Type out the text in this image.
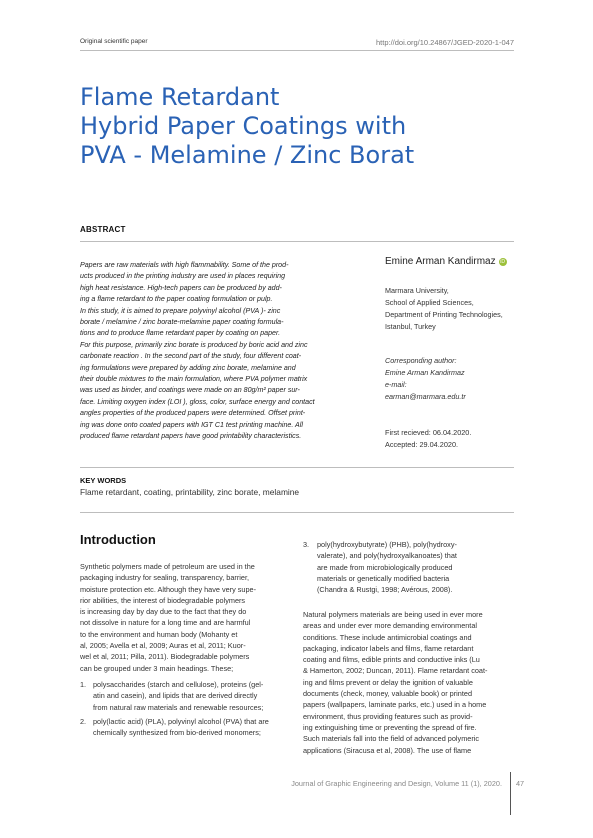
Original scientific paper	http://doi.org/10.24867/JGED-2020-1-047
Flame Retardant
Hybrid Paper Coatings with
PVA - Melamine / Zinc Borat
ABSTRACT
Papers are raw materials with high flammability. Some of the prod-
ucts produced in the printing industry are used in places requiring
high heat resistance. High-tech papers can be produced by add-
ing a flame retardant to the paper coating formulation or pulp.
In this study, it is aimed to prepare polyvinyl alcohol (PVA )- zinc
borate / melamine / zinc borate-melamine paper coating formula-
tions and to produce flame retardant paper by coating on paper.
For this purpose, primarily zinc borate is produced by boric acid and zinc
carbonate reaction . In the second part of the study, four different coat-
ing formulations were prepared by adding zinc borate, melamine and
their double mixtures to the main formulation, where PVA polymer matrix
was used as binder, and coatings were made on an 80g/m² paper sur-
face. Limiting oxygen index (LOI ), gloss, color, surface energy and contact
angles properties of the produced papers were determined. Offset print-
ing was done onto coated papers with IGT C1 test printing machine. All
produced flame retardant papers have good printability characteristics.
Emine Arman Kandirmaz iD
Marmara University,
School of Applied Sciences,
Department of Printing Technologies,
Istanbul, Turkey
Corresponding author:
Emine Arman Kandirmaz
e-mail:
earman@marmara.edu.tr
First recieved: 06.04.2020.
Accepted: 29.04.2020.
KEY WORDS
Flame retardant, coating, printability, zinc borate, melamine
Introduction
Synthetic polymers made of petroleum are used in the
packaging industry for sealing, transparency, barrier,
moisture protection etc. Although they have very supe-
rior abilities, the interest of biodegradable polymers
is increasing day by day due to the fact that they do
not dissolve in nature for a long time and are harmful
to the environment and human body (Mohanty et
al, 2005; Avella et al, 2009; Auras et al, 2011; Kuor-
wel et al, 2011; Pilla, 2011). Biodegradable polymers
can be grouped under 3 main headings. These;
1. polysaccharides (starch and cellulose), proteins (gel-
atin and casein), and lipids that are derived directly
from natural raw materials and renewable resources;
2. poly(lactic acid) (PLA), polyvinyl alcohol (PVA) that are
chemically synthesized from bio-derived monomers;
3. poly(hydroxybutyrate) (PHB), poly(hydroxy-
valerate), and poly(hydroxyalkanoates) that
are made from microbiologically produced
materials or genetically modified bacteria
(Chandra & Rustgi, 1998; Avérous, 2008).
Natural polymers materials are being used in ever more
areas and under ever more demanding environmental
conditions. These include antimicrobial coatings and
packaging, indicator labels and films, flame retardant
coating and films, edible prints and conductive inks (Lu
& Hamerton, 2002; Duncan, 2011). Flame retardant coat-
ing and films prevent or delay the ignition of valuable
documents (check, money, valuable book) or printed
papers (wallpapers, laminate parks, etc.) used in a home
environment, thus providing features such as provid-
ing extinguishing time or preventing the spread of fire.
Such materials fall into the field of advanced polymeric
applications (Siracusa et al, 2008). The use of flame
Journal of Graphic Engineering and Design, Volume 11 (1), 2020. 47
